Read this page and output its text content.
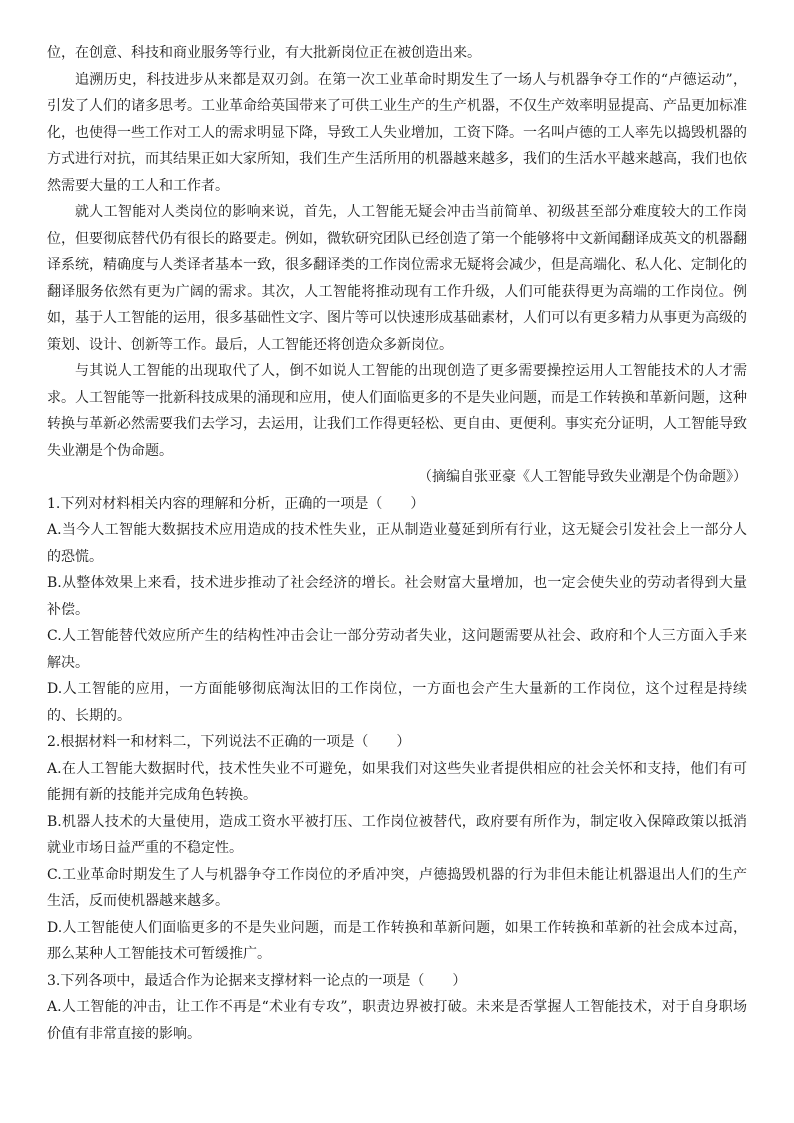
位，在创意、科技和商业服务等行业，有大批新岗位正在被创造出来。

追溯历史，科技进步从来都是双刃剑。在第一次工业革命时期发生了一场人与机器争夺工作的“卢德运动”，引发了人们的诸多思考。工业革命给英国带来了可供工业生产的生产机器，不仅生产效率明显提高、产品更加标准化，也使得一些工作对工人的需求明显下降，导致工人失业增加，工资下降。一名叫卢德的工人率先以捣毁机器的方式进行对抗，而其结果正如大家所知，我们生产生活所用的机器越来越多，我们的生活水平越来越高，我们也依然需要大量的工人和工作者。

就人工智能对人类岗位的影响来说，首先，人工智能无疑会冲击当前简单、初级甚至部分难度较大的工作岗位，但要彻底替代仍有很长的路要走。例如，微软研究团队已经创造了第一个能够将中文新闻翻译成英文的机器翻译系统，精确度与人类译者基本一致，很多翻译类的工作岗位需求无疑将会减少，但是高端化、私人化、定制化的翻译服务依然有更为广阔的需求。其次，人工智能将推动现有工作升级，人们可能获得更为高端的工作岗位。例如，基于人工智能的运用，很多基础性文字、图片等可以快速形成基础素材，人们可以有更多精力从事更为高级的策划、设计、创新等工作。最后，人工智能还将创造众多新岗位。

与其说人工智能的出现取代了人，倒不如说人工智能的出现创造了更多需要操控运用人工智能技术的人才需求。人工智能等一批新科技成果的涌现和应用，使人们面临更多的不是失业问题，而是工作转换和革新问题，这种转换与革新必然需要我们去学习，去运用，让我们工作得更轻松、更自由、更便利。事实充分证明，人工智能导致失业潮是个伪命题。

（摘编自张亚豪《人工智能导致失业潮是个伪命题》）

1.下列对材料相关内容的理解和分析，正确的一项是（　　）

A.当今人工智能大数据技术应用造成的技术性失业，正从制造业蔓延到所有行业，这无疑会引发社会上一部分人的恐慌。

B.从整体效果上来看，技术进步推动了社会经济的增长。社会财富大量增加，也一定会使失业的劳动者得到大量补偿。

C.人工智能替代效应所产生的结构性冲击会让一部分劳动者失业，这问题需要从社会、政府和个人三方面入手来解决。

D.人工智能的应用，一方面能够彻底淘汰旧的工作岗位，一方面也会产生大量新的工作岗位，这个过程是持续的、长期的。

2.根据材料一和材料二，下列说法不正确的一项是（　　）

A.在人工智能大数据时代，技术性失业不可避免，如果我们对这些失业者提供相应的社会关怀和支持，他们有可能拥有新的技能并完成角色转换。

B.机器人技术的大量使用，造成工资水平被打压、工作岗位被替代，政府要有所作为，制定收入保障政策以抵消就业市场日益严重的不稳定性。

C.工业革命时期发生了人与机器争夺工作岗位的矛盾冲突，卢德捣毁机器的行为非但未能让机器退出人们的生产生活，反而使机器越来越多。

D.人工智能使人们面临更多的不是失业问题，而是工作转换和革新问题，如果工作转换和革新的社会成本过高，那么某种人工智能技术可暂缓推广。

3.下列各项中，最适合作为论据来支撑材料一论点的一项是（　　）

A.人工智能的冲击，让工作不再是“术业有专攻”，职责边界被打破。未来是否掌握人工智能技术，对于自身职场价值有非常直接的影响。
